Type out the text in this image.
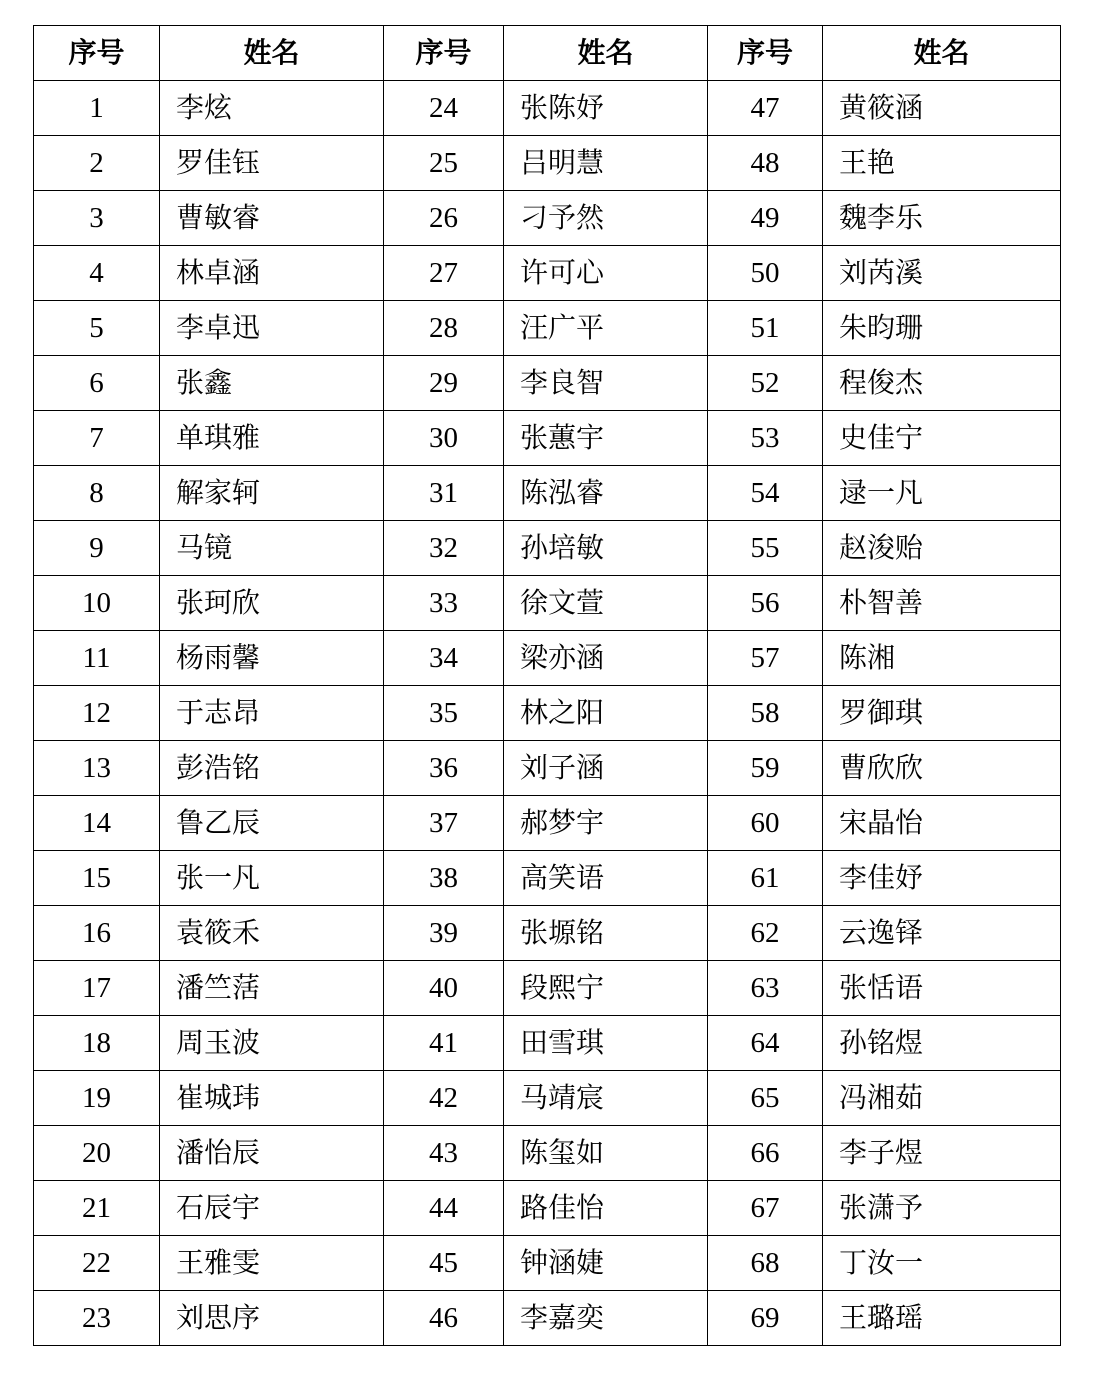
序号	姓名	序号	姓名	序号	姓名
1	李炫	24	张陈妤	47	黄筱涵
2	罗佳钰	25	吕明慧	48	王艳
3	曹敏睿	26	刁予然	49	魏李乐
4	林卓涵	27	许可心	50	刘芮溪
5	李卓迅	28	汪广平	51	朱昀珊
6	张鑫	29	李良智	52	程俊杰
7	单琪雅	30	张蕙宇	53	史佳宁
8	解家轲	31	陈泓睿	54	逯一凡
9	马镜	32	孙培敏	55	赵浚贻
10	张珂欣	33	徐文萱	56	朴智善
11	杨雨馨	34	梁亦涵	57	陈湘
12	于志昂	35	林之阳	58	罗御琪
13	彭浩铭	36	刘子涵	59	曹欣欣
14	鲁乙辰	37	郝梦宇	60	宋晶怡
15	张一凡	38	高笑语	61	李佳妤
16	袁筱禾	39	张塬铭	62	云逸铎
17	潘竺萿	40	段熙宁	63	张恬语
18	周玉波	41	田雪琪	64	孙铭煜
19	崔城玮	42	马靖宸	65	冯湘茹
20	潘怡辰	43	陈玺如	66	李子煜
21	石辰宇	44	路佳怡	67	张潇予
22	王雅雯	45	钟涵婕	68	丁汝一
23	刘思序	46	李嘉奕	69	王璐瑶
